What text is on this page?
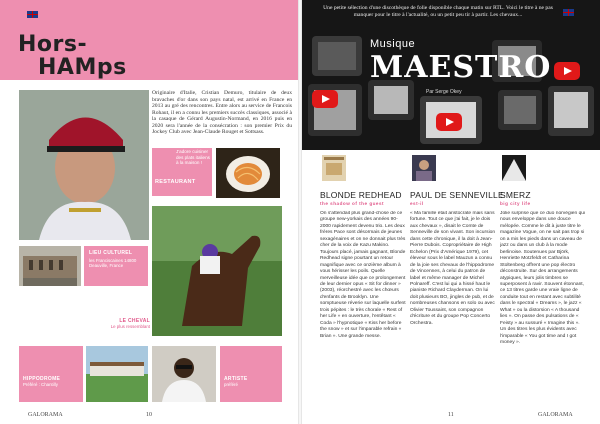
Hors-
HAMps
Originaire d'Italie, Cristian Demuro, titulaire de deux bravaches d'or dans son pays natal, est arrivé en France en 2013 au gré des rencontres. Entre alors au service de Francois Rohaut, il en a connu les premiers succès classiques, associé à la casaque de Gérard Augustin-Normand, en 2016 puis en 2020 sera l'année de la consécration : son premier Prix du Jockey Club avec Jean-Claude Rouget et Sottsass.
RESTAURANT
J'adore cuisiner des plats italiens à la maison !
LIEU CULTUREL
les Franciscaines 14800 Deauville, France
LE CHEVAL
Le plus ressemblant
HIPPODROME
Préféré : Chantilly
ARTISTE
préféré
GALORAMA	10
Une petite sélection d'une discothèque de folie disponible chaque matin sur RTL. Voici le titre à ne pas manquer pour le titre à l'actualité, ou un petit peu tir à partir. Les chevaux...
Musique
MAESTRO
Par Serge Okey
BLONDE REDHEAD
the shadow of the guest
On s'attendait plus grand-chose de ce groupe new-yorkais des années 90-2000 rapidement devenu trio. Les deux frères Pace sont désormais de jeunes sexagénaires et on ne donnait plus très cher de la voix de Kazu Makino. Toujours placé, jamais gagnant, Blonde Redhead signe pourtant un retour magnifique avec ce onzième album à vous hérisser les poils. Quelle merveilleuse idée que ce prolongement de leur dernier opus « Sit for dinner » (2003), réorchestré avec les chœurs d'enfants de Brooklyn. Une somptueuse réverie sur laquelle surfent trois pépites : le très chorale « Rest of her Life » en ouverture, l'entêtant « Coda » l'hypnotique « Kiss her before the snow » et sur l'imparable refrain « Brian ». Une grande messe.
PAUL DE SENNEVILLE
est-il
« Ma famille était aristocrate mais sans fortune. Tout ce que j'ai fait, je le dois aux chevaux », disait le Comte de Senneville de son vivant. Son incursion dans cette chronique, il la doit à Jean-Pierre Dubois. Copropriétaire de High Echelon (Prix d'Amérique 1979), cet éleveur sous le label Mauzun a connu de la joie ses chevaux de l'hippodrome de Vincennes, à celui du patron de label et même manager de Michel Polnareff. C'est lui qui a hissé haut le pianiste Richard Clayderman. On lui doit plusieurs BO, jingles de pub, et de nombreuses chansons en solo ou avec Olivier Toussaint, son compagnon d'écriture et du groupe Pop Concerto Orchestra.
SMERZ
big city life
Jolie surprise que ce duo norvégien qui nous enveloppe dans une douce mélopée. Comme le dit à juste titre le magazine Vogue, on ne sait pas trop si on a mis les pieds dans un caveau de jazz ou dans un club à la mode berlinoise. Soutenues par Björk, Henriette Motzfeldt et Catharina Stoltenberg offrent une pop électro déconstruite. Sur des arrangements atypiques, leurs jolis timbres se superposent à ravir. Souvent étonnant, ce 13 titres garde une vraie ligne de conduite tout en restant avec subtilité dans le spectral « Dreams », le jazz « What » ou la distorsion « A thousand lies ». On passe des pulsations de « Feisty » au sussuré « Imagine this ». Un des titres les plus évidents avec l'imparable « You got time and I got money ».
11	GALORAMA
